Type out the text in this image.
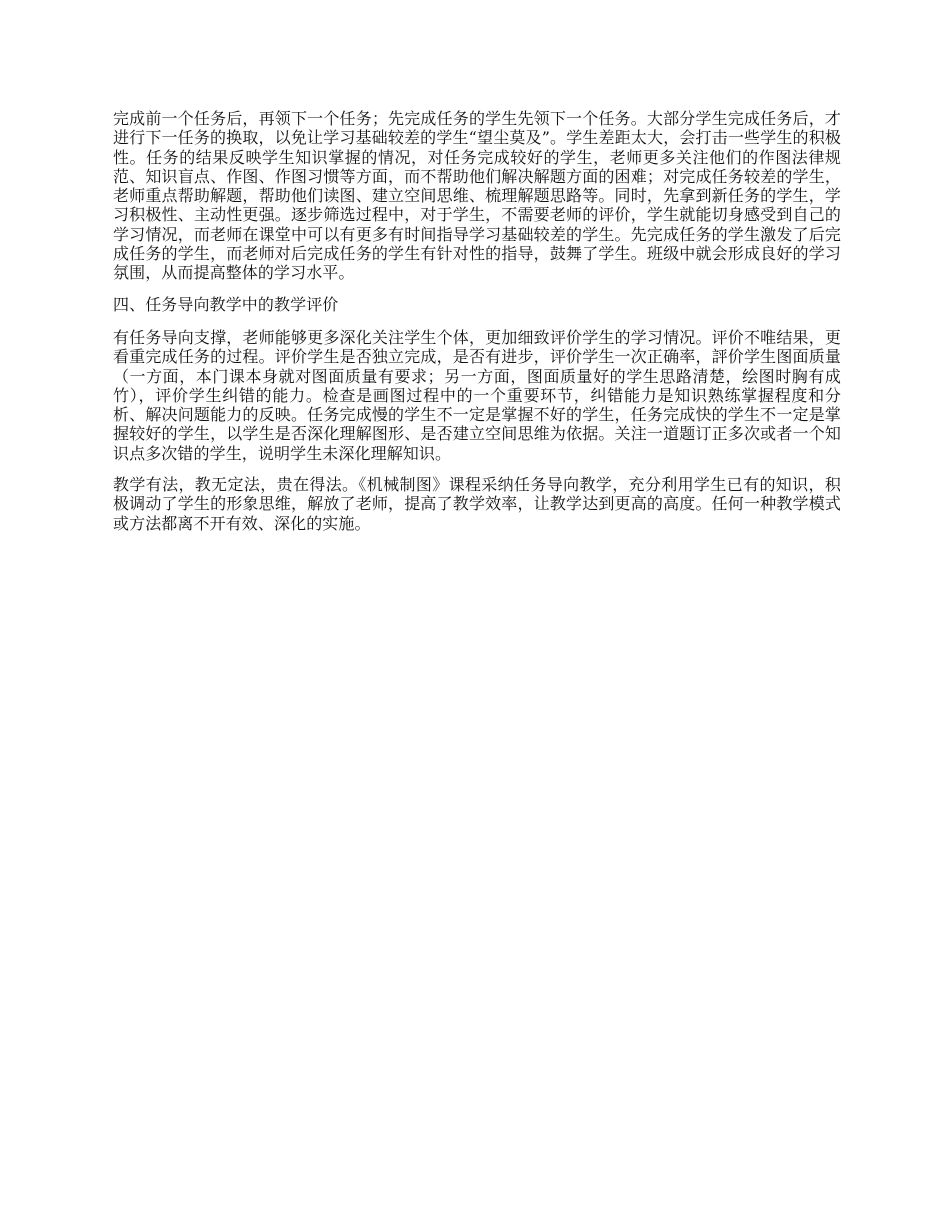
完成前一个任务后，再领下一个任务；先完成任务的学生先领下一个任务。大部分学生完成任务后，才进行下一任务的换取，以免让学习基础较差的学生“望尘莫及”。学生差距太大，会打击一些学生的积极性。任务的结果反映学生知识掌握的情况，对任务完成较好的学生，老师更多关注他们的作图法律规范、知识盲点、作图、作图习惯等方面，而不帮助他们解决解题方面的困难；对完成任务较差的学生，老师重点帮助解题，帮助他们读图、建立空间思维、梳理解题思路等。同时，先拿到新任务的学生，学习积极性、主动性更强。逐步筛选过程中，对于学生，不需要老师的评价，学生就能切身感受到自己的学习情况，而老师在课堂中可以有更多有时间指导学习基础较差的学生。先完成任务的学生激发了后完成任务的学生，而老师对后完成任务的学生有针对性的指导，鼓舞了学生。班级中就会形成良好的学习氛围，从而提高整体的学习水平。

四、任务导向教学中的教学评价

有任务导向支撑，老师能够更多深化关注学生个体，更加细致评价学生的学习情况。评价不唯结果，更看重完成任务的过程。评价学生是否独立完成，是否有进步，评价学生一次正确率，評价学生图面质量（一方面，本门课本身就对图面质量有要求；另一方面，图面质量好的学生思路清楚，绘图时胸有成竹），评价学生纠错的能力。检查是画图过程中的一个重要环节，纠错能力是知识熟练掌握程度和分析、解决问题能力的反映。任务完成慢的学生不一定是掌握不好的学生，任务完成快的学生不一定是掌握较好的学生，以学生是否深化理解图形、是否建立空间思维为依据。关注一道题订正多次或者一个知识点多次错的学生，说明学生未深化理解知识。

教学有法，教无定法，贵在得法。《机械制图》课程采纳任务导向教学，充分利用学生已有的知识，积极调动了学生的形象思维，解放了老师，提高了教学效率，让教学达到更高的高度。任何一种教学模式或方法都离不开有效、深化的实施。
